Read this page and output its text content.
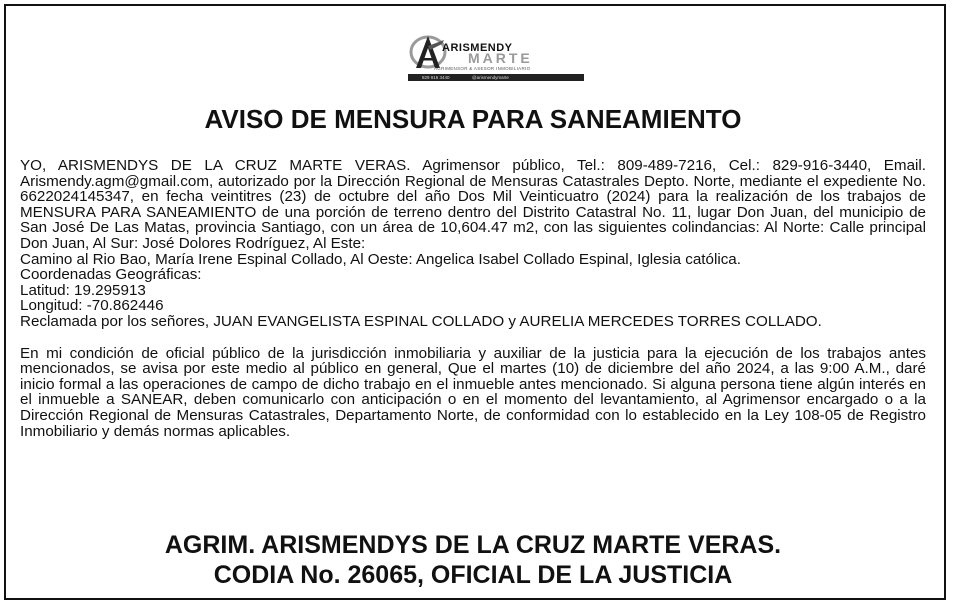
ARISMENDY
MARTE
AGRIMENSOR & ASESOR INMOBILIARIO
829 916 3440	@arismendymarte
AVISO DE MENSURA PARA SANEAMIENTO

YO, ARISMENDYS DE LA CRUZ MARTE VERAS. Agrimensor público, Tel.: 809-489-7216, Cel.: 829-916-3440, Email. Arismendy.agm@gmail.com, autorizado por la Dirección Regional de Mensuras Catastrales Depto. Norte, mediante el expediente No. 6622024145347, en fecha veintitres (23) de octubre del año Dos Mil Veinticuatro (2024) para la realización de los trabajos de MENSURA PARA SANEAMIENTO de una porción de terreno dentro del Distrito Catastral No. 11, lugar Don Juan, del municipio de San José De Las Matas, provincia Santiago, con un área de 10,604.47 m2, con las siguientes colindancias: Al Norte: Calle principal Don Juan, Al Sur: José Dolores Rodríguez, Al Este:

Camino al Rio Bao, María Irene Espinal Collado, Al Oeste: Angelica Isabel Collado Espinal, Iglesia católica.

Coordenadas Geográficas:

Latitud: 19.295913

Longitud: -70.862446

Reclamada por los señores, JUAN EVANGELISTA ESPINAL COLLADO y AURELIA MERCEDES TORRES COLLADO.

En mi condición de oficial público de la jurisdicción inmobiliaria y auxiliar de la justicia para la ejecución de los trabajos antes mencionados, se avisa por este medio al público en general, Que el martes (10) de diciembre del año 2024, a las 9:00 A.M., daré inicio formal a las operaciones de campo de dicho trabajo en el inmueble antes mencionado. Si alguna persona tiene algún interés en el inmueble a SANEAR, deben comunicarlo con anticipación o en el momento del levantamiento, al Agrimensor encargado o a la Dirección Regional de Mensuras Catastrales, Departamento Norte, de conformidad con lo establecido en la Ley 108-05 de Registro Inmobiliario y demás normas aplicables.

AGRIM. ARISMENDYS DE LA CRUZ MARTE VERAS.
CODIA No. 26065, OFICIAL DE LA JUSTICIA
